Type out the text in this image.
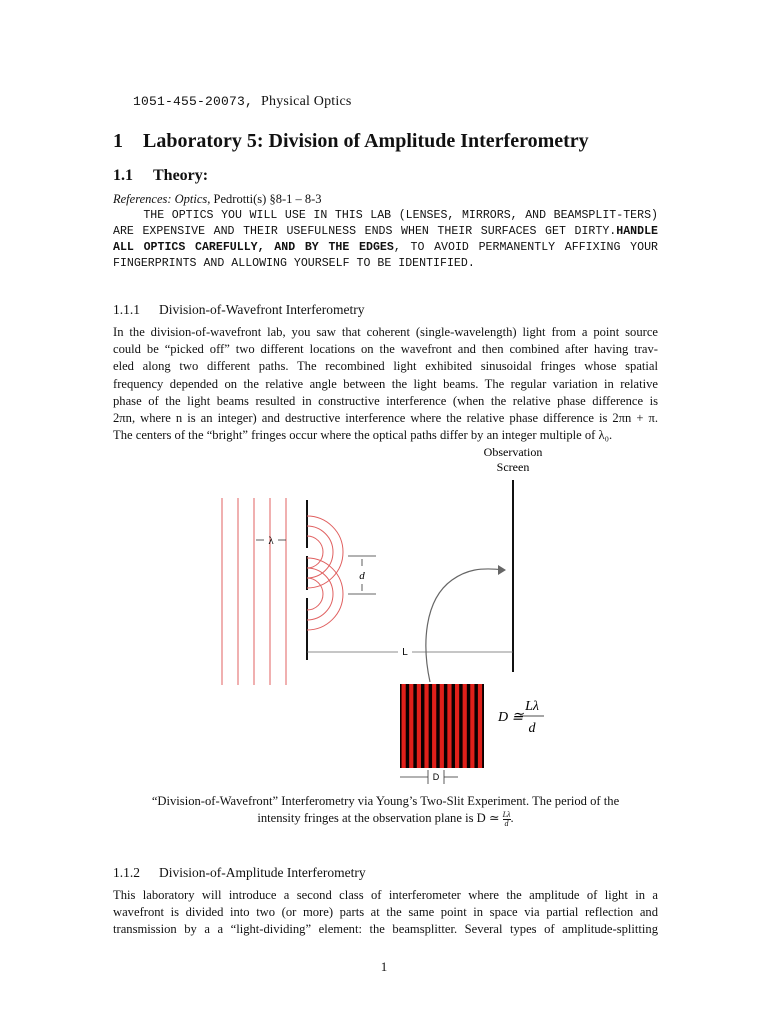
1051-455-20073, Physical Optics
1 Laboratory 5: Division of Amplitude Interferometry
1.1 Theory:
References: Optics, Pedrotti(s) §8-1 – 8-3
THE OPTICS YOU WILL USE IN THIS LAB (LENSES, MIRRORS, AND BEAMSPLIT-TERS) ARE EXPENSIVE AND THEIR USEFULNESS ENDS WHEN THEIR SURFACES GET DIRTY.HANDLE ALL OPTICS CAREFULLY, AND BY THE EDGES, TO AVOID PERMANENTLY AFFIXING YOUR FINGERPRINTS AND ALLOWING YOURSELF TO BE IDENTIFIED.
1.1.1 Division-of-Wavefront Interferometry
In the division-of-wavefront lab, you saw that coherent (single-wavelength) light from a point source
could be “picked off” two different locations on the wavefront and then combined after having trav-
eled along two different paths. The recombined light exhibited sinusoidal fringes whose spatial
frequency depended on the relative angle between the light beams. The regular variation in relative
phase of the light beams resulted in constructive interference (when the relative phase difference is
2πn, where n is an integer) and destructive interference where the relative phase difference is 2πn + π.
The centers of the “bright” fringes occur where the optical paths differ by an integer multiple of λ₀.
λ
d
Observation
Screen
L
D
D ≅
Lλ
d
“Division-of-Wavefront” Interferometry via Young’s Two-Slit Experiment. The period of the
intensity fringes at the observation plane is D ≃ $\frac{L\lambda}{d}$ .
1.1.2 Division-of-Amplitude Interferometry
This laboratory will introduce a second class of interferometer where the amplitude of light in a
wavefront is divided into two (or more) parts at the same point in space via partial reflection and
transmission by a a “light-dividing” element: the beamsplitter. Several types of amplitude-splitting
1
